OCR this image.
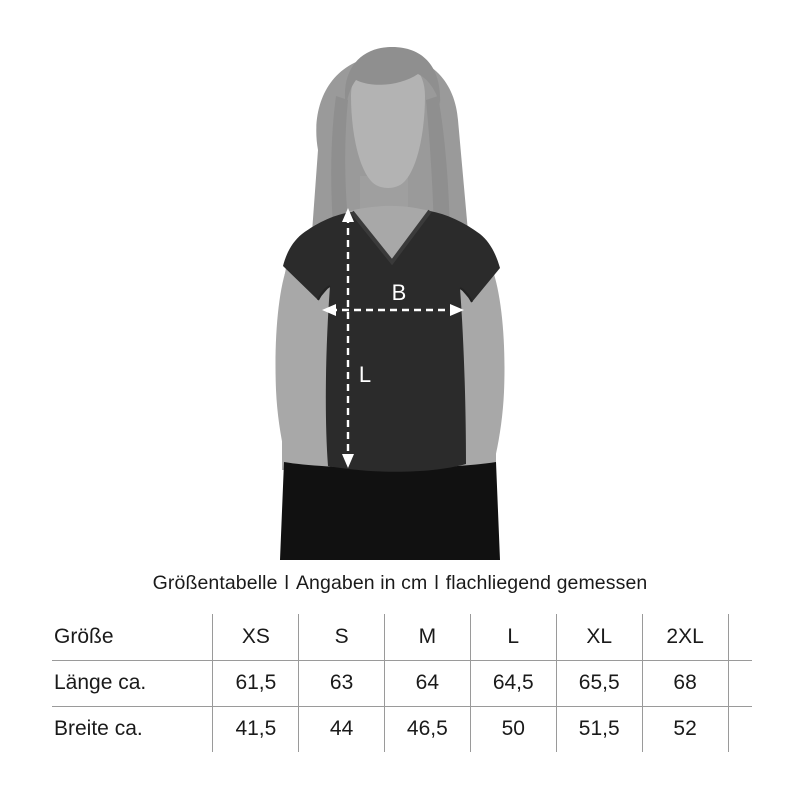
B
L
Größentabelle l Angaben in cm l flachliegend gemessen
Größe	XS	S	M	L	XL	2XL	
Länge ca.	61,5	63	64	64,5	65,5	68	
Breite ca.	41,5	44	46,5	50	51,5	52	
